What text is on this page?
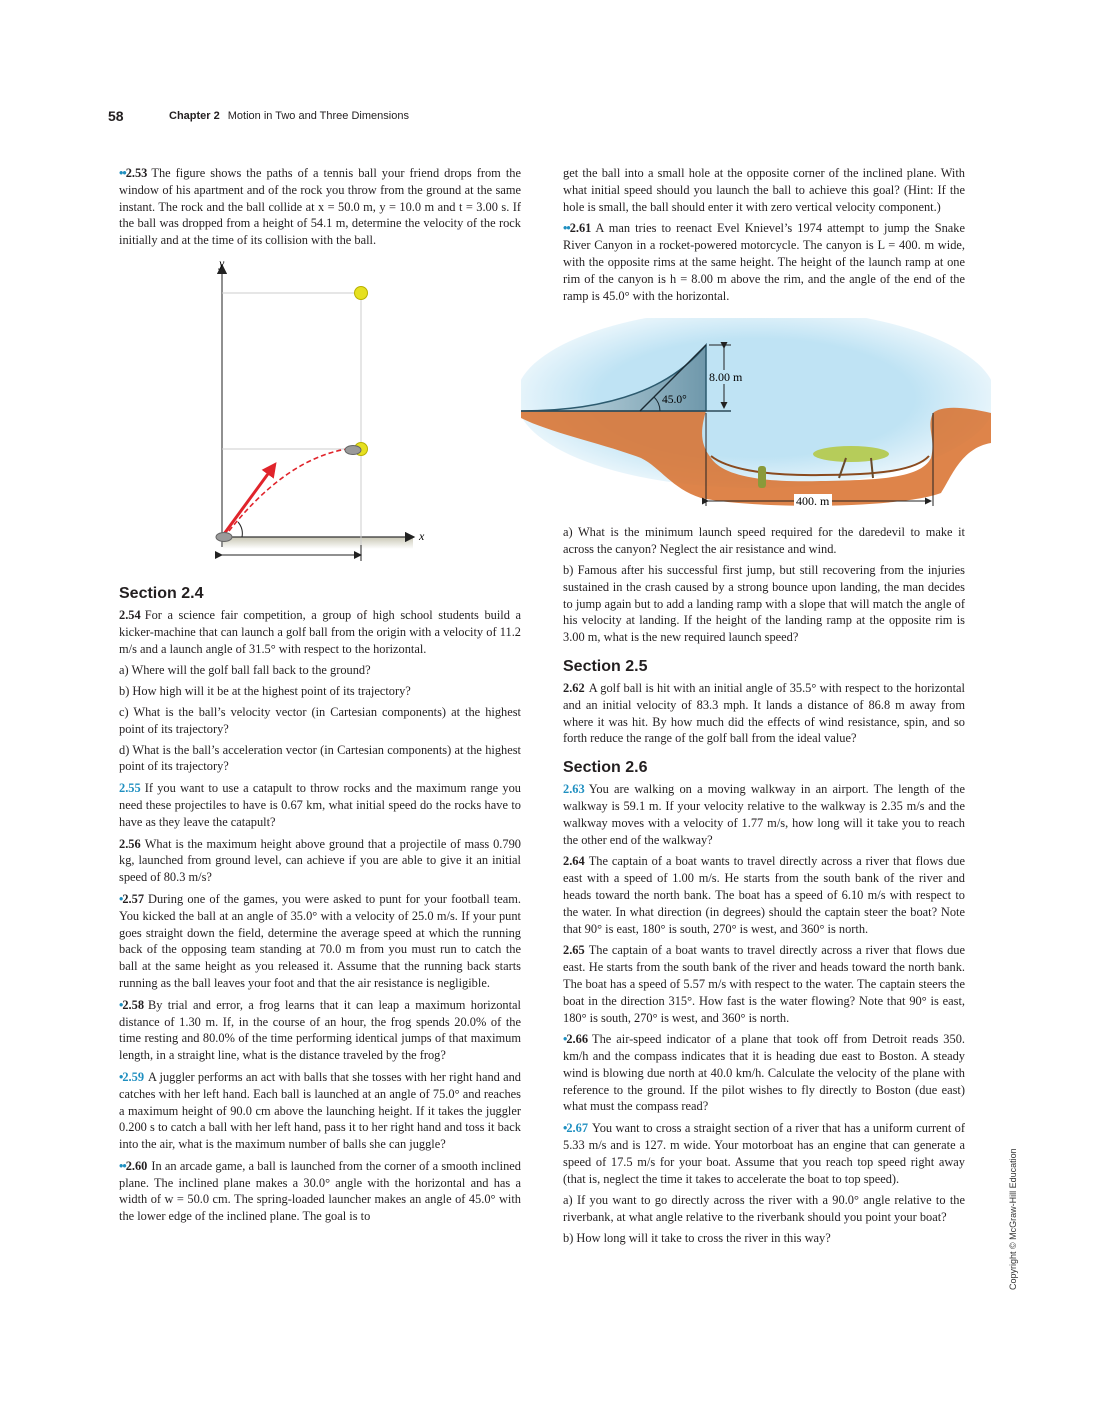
58	Chapter 2 Motion in Two and Three Dimensions

••2.53 The figure shows the paths of a tennis ball your friend drops from the window of his apartment and of the rock you throw from the ground at the same instant. The rock and the ball collide at x = 50.0 m, y = 10.0 m and t = 3.00 s. If the ball was dropped from a height of 54.1 m, determine the velocity of the rock initially and at the time of its collision with the ball.

y
x
Section 2.4

2.54 For a science fair competition, a group of high school students build a kicker-machine that can launch a golf ball from the origin with a velocity of 11.2 m/s and a launch angle of 31.5° with respect to the horizontal.

a) Where will the golf ball fall back to the ground?

b) How high will it be at the highest point of its trajectory?

c) What is the ball’s velocity vector (in Cartesian components) at the highest point of its trajectory?

d) What is the ball’s acceleration vector (in Cartesian components) at the highest point of its trajectory?

2.55 If you want to use a catapult to throw rocks and the maximum range you need these projectiles to have is 0.67 km, what initial speed do the rocks have to have as they leave the catapult?

2.56 What is the maximum height above ground that a projectile of mass 0.790 kg, launched from ground level, can achieve if you are able to give it an initial speed of 80.3 m/s?

•2.57 During one of the games, you were asked to punt for your football team. You kicked the ball at an angle of 35.0° with a velocity of 25.0 m/s. If your punt goes straight down the field, determine the average speed at which the running back of the opposing team standing at 70.0 m from you must run to catch the ball at the same height as you released it. Assume that the running back starts running as the ball leaves your foot and that the air resistance is negligible.

•2.58 By trial and error, a frog learns that it can leap a maximum horizontal distance of 1.30 m. If, in the course of an hour, the frog spends 20.0% of the time resting and 80.0% of the time performing identical jumps of that maximum length, in a straight line, what is the distance traveled by the frog?

•2.59 A juggler performs an act with balls that she tosses with her right hand and catches with her left hand. Each ball is launched at an angle of 75.0° and reaches a maximum height of 90.0 cm above the launching height. If it takes the juggler 0.200 s to catch a ball with her left hand, pass it to her right hand and toss it back into the air, what is the maximum number of balls she can juggle?

••2.60 In an arcade game, a ball is launched from the corner of a smooth inclined plane. The inclined plane makes a 30.0° angle with the horizontal and has a width of w = 50.0 cm. The spring-loaded launcher makes an angle of 45.0° with the lower edge of the inclined plane. The goal is to

get the ball into a small hole at the opposite corner of the inclined plane. With what initial speed should you launch the ball to achieve this goal? (Hint: If the hole is small, the ball should enter it with zero vertical velocity component.)

••2.61 A man tries to reenact Evel Knievel’s 1974 attempt to jump the Snake River Canyon in a rocket-powered motorcycle. The canyon is L = 400. m wide, with the opposite rims at the same height. The height of the launch ramp at one rim of the canyon is h = 8.00 m above the rim, and the angle of the end of the ramp is 45.0° with the horizontal.

45.0°
8.00 m
400. m

a) What is the minimum launch speed required for the daredevil to make it across the canyon? Neglect the air resistance and wind.

b) Famous after his successful first jump, but still recovering from the injuries sustained in the crash caused by a strong bounce upon landing, the man decides to jump again but to add a landing ramp with a slope that will match the angle of his velocity at landing. If the height of the landing ramp at the opposite rim is 3.00 m, what is the new required launch speed?

Section 2.5

2.62 A golf ball is hit with an initial angle of 35.5° with respect to the horizontal and an initial velocity of 83.3 mph. It lands a distance of 86.8 m away from where it was hit. By how much did the effects of wind resistance, spin, and so forth reduce the range of the golf ball from the ideal value?

Section 2.6

2.63 You are walking on a moving walkway in an airport. The length of the walkway is 59.1 m. If your velocity relative to the walkway is 2.35 m/s and the walkway moves with a velocity of 1.77 m/s, how long will it take you to reach the other end of the walkway?

2.64 The captain of a boat wants to travel directly across a river that flows due east with a speed of 1.00 m/s. He starts from the south bank of the river and heads toward the north bank. The boat has a speed of 6.10 m/s with respect to the water. In what direction (in degrees) should the captain steer the boat? Note that 90° is east, 180° is south, 270° is west, and 360° is north.

2.65 The captain of a boat wants to travel directly across a river that flows due east. He starts from the south bank of the river and heads toward the north bank. The boat has a speed of 5.57 m/s with respect to the water. The captain steers the boat in the direction 315°. How fast is the water flowing? Note that 90° is east, 180° is south, 270° is west, and 360° is north.

•2.66 The air-speed indicator of a plane that took off from Detroit reads 350. km/h and the compass indicates that it is heading due east to Boston. A steady wind is blowing due north at 40.0 km/h. Calculate the velocity of the plane with reference to the ground. If the pilot wishes to fly directly to Boston (due east) what must the compass read?

•2.67 You want to cross a straight section of a river that has a uniform current of 5.33 m/s and is 127. m wide. Your motorboat has an engine that can generate a speed of 17.5 m/s for your boat. Assume that you reach top speed right away (that is, neglect the time it takes to accelerate the boat to top speed).

a) If you want to go directly across the river with a 90.0° angle relative to the riverbank, at what angle relative to the riverbank should you point your boat?

b) How long will it take to cross the river in this way?	Copyright © McGraw-Hill Education
